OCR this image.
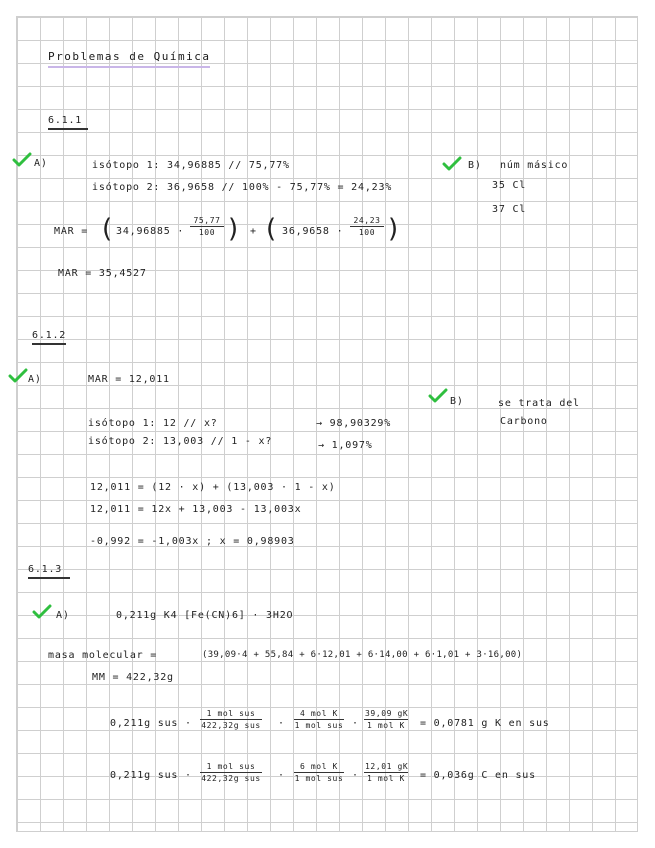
Problemas de Química
6.1.1
A)	isótopo 1: 34,96885 // 75,77%
isótopo 2: 36,9658 // 100% - 75,77% = 24,23%
B) núm másico
35 Cl
37 Cl
MAR = ( $34,96885 \cdot \frac{75,77}{100}$ ) + ( $36,9658 \cdot \frac{24,23}{100}$ )
MAR = 35,4527
6.1.2
A)	MAR = 12,011
B)	se trata del
Carbono
isótopo 1: 12 // x?	→ 98,90329%
isótopo 2: 13,003 // 1 - x?	→ 1,097%
12,011 = (12 · x) + (13,003 · 1 - x)
12,011 = 12x + 13,003 - 13,003x
-0,992 = -1,003x ; x = 0,98903
6.1.3
A)	0,211g K4 [Fe(CN)6] · 3H2O
masa molecular =	(39,09·4 + 55,84 + 6·12,01 + 6·14,00 + 6·1,01 + 3·16,00)
MM = 422,32g
0,211g sus ·
1 mol sus
422,32g sus ·
4 mol K
1 mol sus ·
39,09 gK
1 mol K	= 0,0781 g K en sus
0,211g sus ·
1 mol sus
422,32g sus ·
6 mol K
1 mol sus ·
12,01 gK
1 mol K	= 0,036g C en sus
